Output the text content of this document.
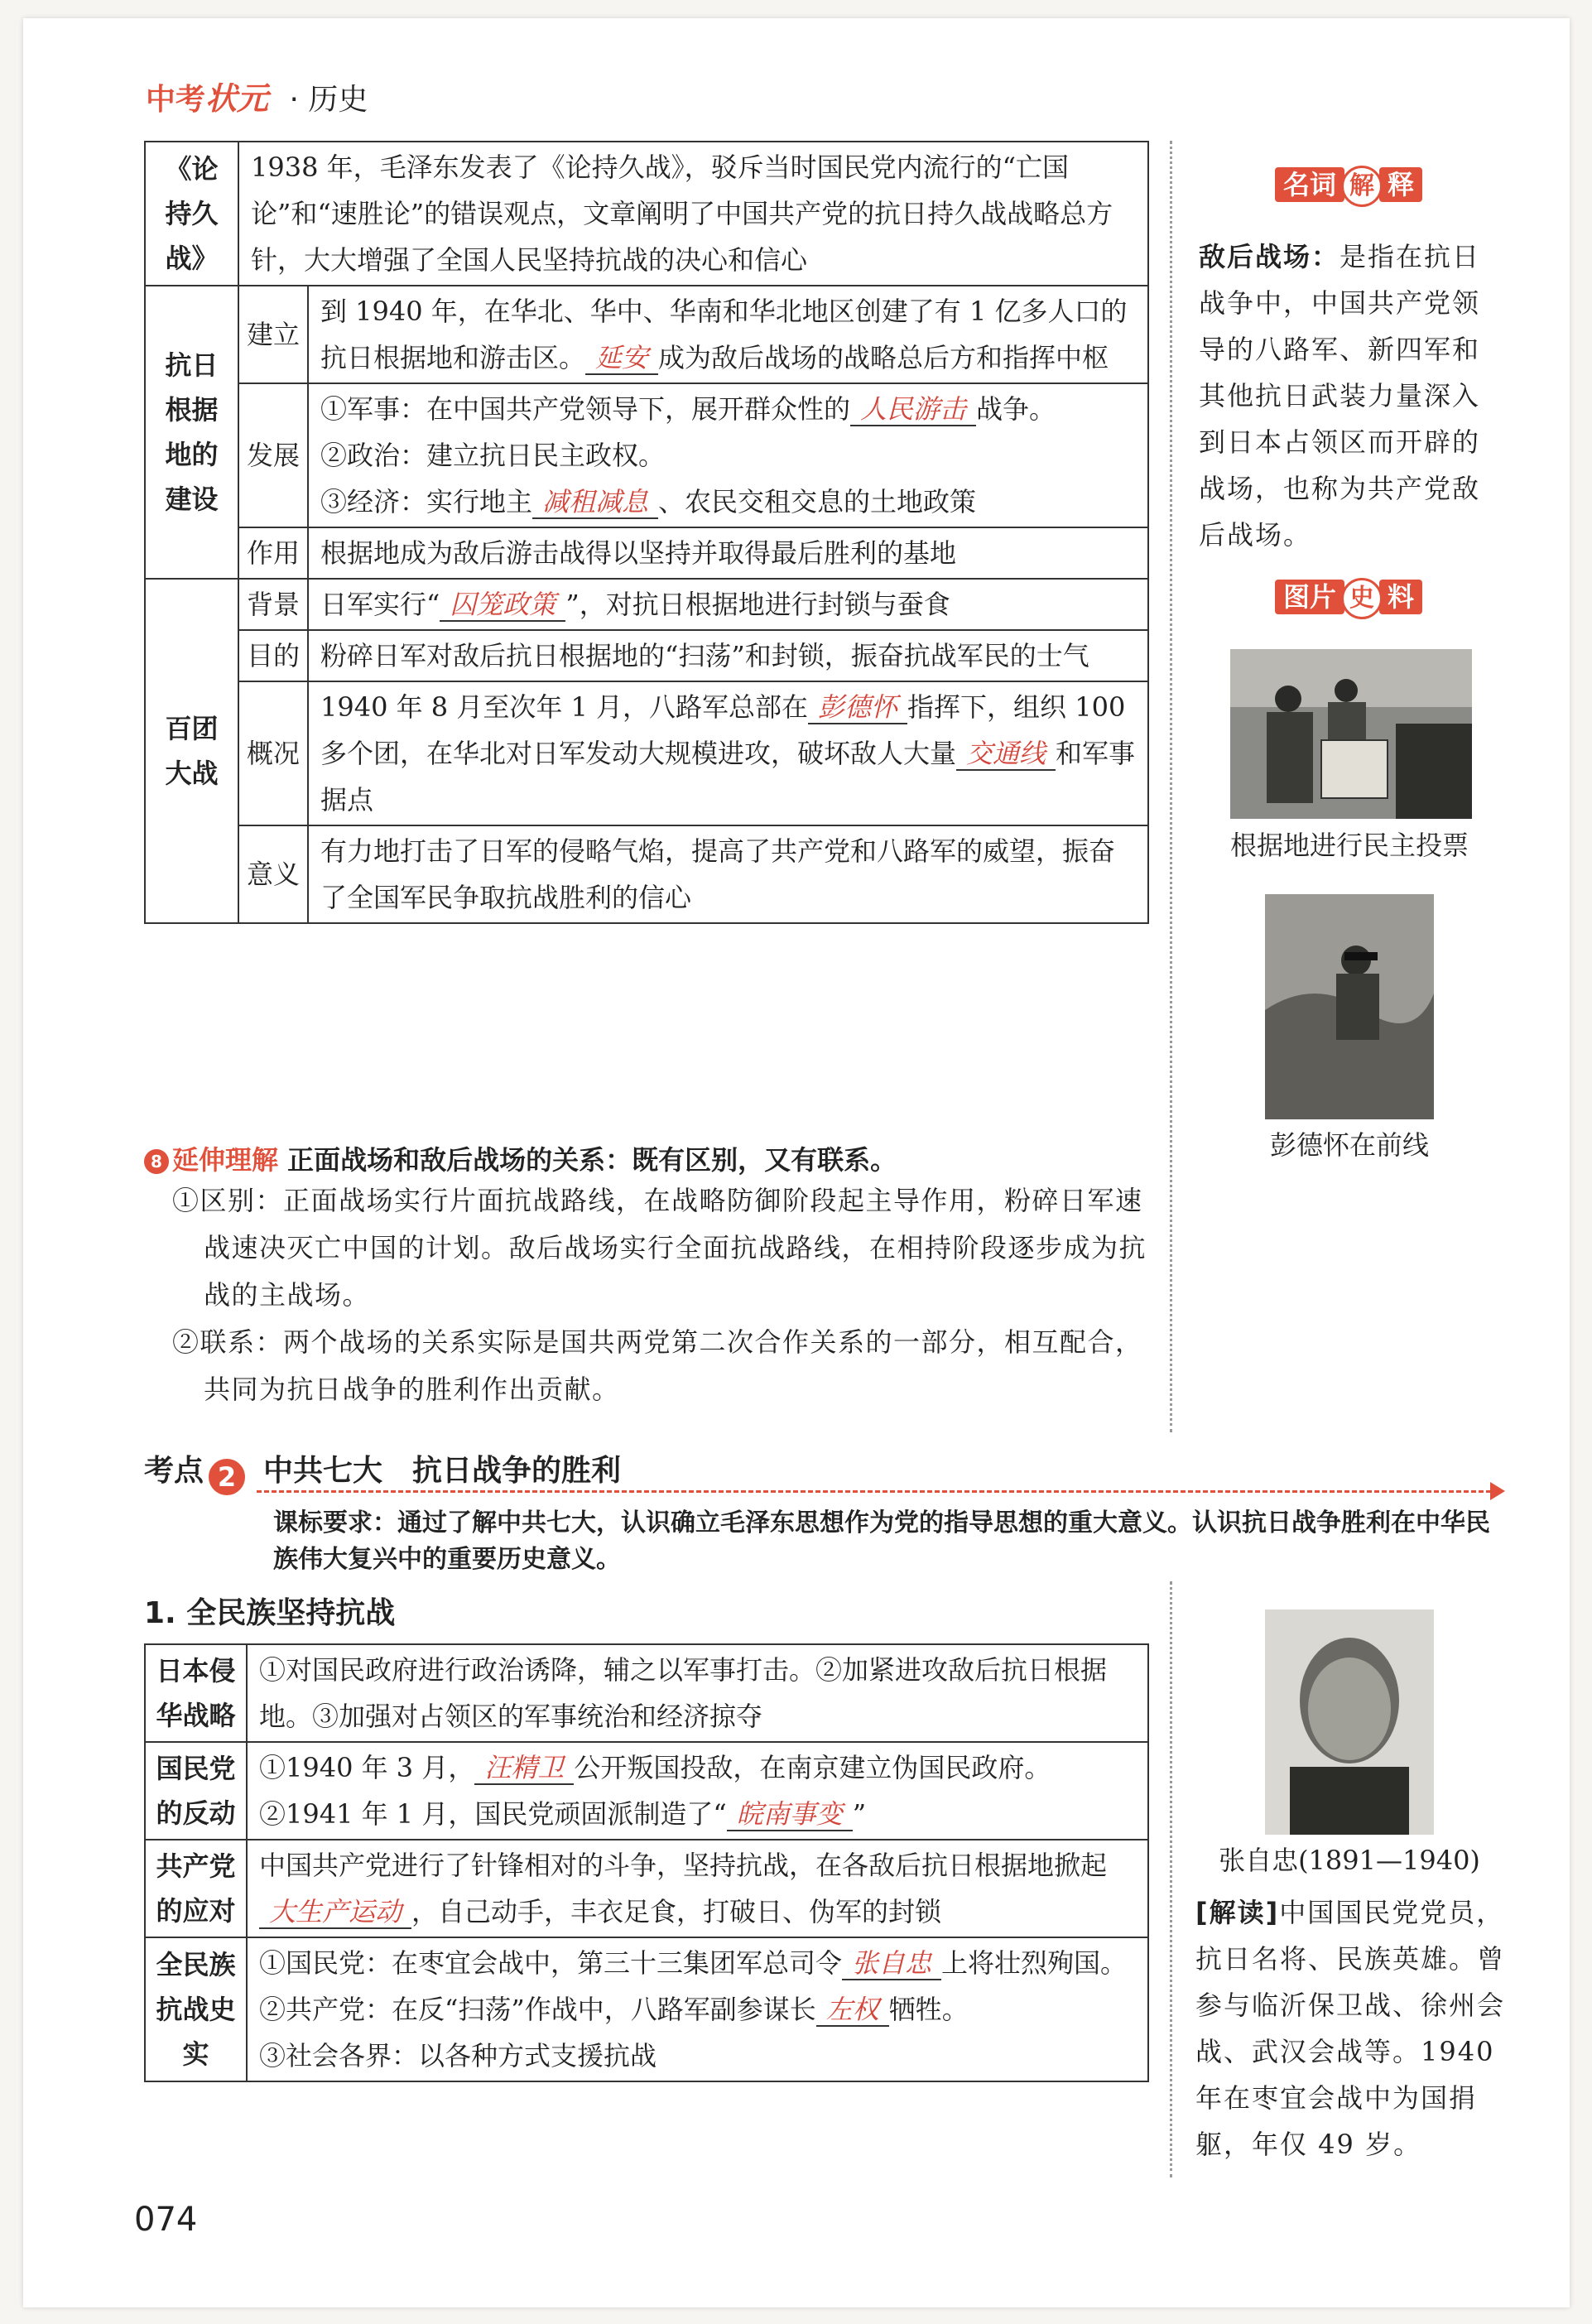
中考状元 · 历史
《论持久战》	1938 年，毛泽东发表了《论持久战》，驳斥当时国民党内流行的“亡国论”和“速胜论”的错误观点，文章阐明了中国共产党的抗日持久战战略总方针，大大增强了全国人民坚持抗战的决心和信心	
抗日根据地的建设	建立	到 1940 年，在华北、华中、华南和华北地区创建了有 1 亿多人口的抗日根据地和游击区。 延安 成为敌后战场的战略总后方和指挥中枢
	发展	①军事：在中国共产党领导下，展开群众性的 人民游击 战争。
②政治：建立抗日民主政权。
③经济：实行地主 减租减息 、农民交租交息的土地政策

	作用	根据地成为敌后游击战得以坚持并取得最后胜利的基地
百团大战	背景	日军实行“ 囚笼政策 ”，对抗日根据地进行封锁与蚕食
	目的	粉碎日军对敌后抗日根据地的“扫荡”和封锁，振奋抗战军民的士气
	概况	1940 年 8 月至次年 1 月，八路军总部在 彭德怀 指挥下，组织 100 多个团，在华北对日军发动大规模进攻，破坏敌人大量 交通线 和军事据点
	意义	有力地打击了日军的侵略气焰，提高了共产党和八路军的威望，振奋了全国军民争取抗战胜利的信心
8 延伸理解 正面战场和敌后战场的关系：既有区别，又有联系。

①区别：正面战场实行片面抗战路线，在战略防御阶段起主导作用，粉碎日军速战速决灭亡中国的计划。敌后战场实行全面抗战路线，在相持阶段逐步成为抗战的主战场。

②联系：两个战场的关系实际是国共两党第二次合作关系的一部分，相互配合，共同为抗日战争的胜利作出贡献。

考点 2 中共七大　抗日战争的胜利
课标要求：通过了解中共七大，认识确立毛泽东思想作为党的指导思想的重大意义。认识抗日战争胜利在中华民族伟大复兴中的重要历史意义。
1. 全民族坚持抗战
日本侵华战略	①对国民政府进行政治诱降，辅之以军事打击。②加紧进攻敌后抗日根据地。③加强对占领区的军事统治和经济掠夺
国民党的反动	①1940 年 3 月， 汪精卫 公开叛国投敌，在南京建立伪国民政府。
②1941 年 1 月，国民党顽固派制造了“ 皖南事变 ”

共产党的应对	中国共产党进行了针锋相对的斗争，坚持抗战，在各敌后抗日根据地掀起大生产运动 ，自己动手，丰衣足食，打破日、伪军的封锁
全民族抗战史实	①国民党：在枣宜会战中，第三十三集团军总司令 张自忠 上将壮烈殉国。
②共产党：在反“扫荡”作战中，八路军副参谋长 左权 牺牲。
③社会各界：以各种方式支援抗战
名词 解 释
敌后战场：是指在抗日战争中，中国共产党领导的八路军、新四军和其他抗日武装力量深入到日本占领区而开辟的战场，也称为共产党敌后战场。
图片 史 料
根据地进行民主投票
彭德怀在前线
张自忠(1891—1940)
[解读]中国国民党党员，抗日名将、民族英雄。曾参与临沂保卫战、徐州会战、武汉会战等。1940 年在枣宜会战中为国捐躯，年仅 49 岁。
074
